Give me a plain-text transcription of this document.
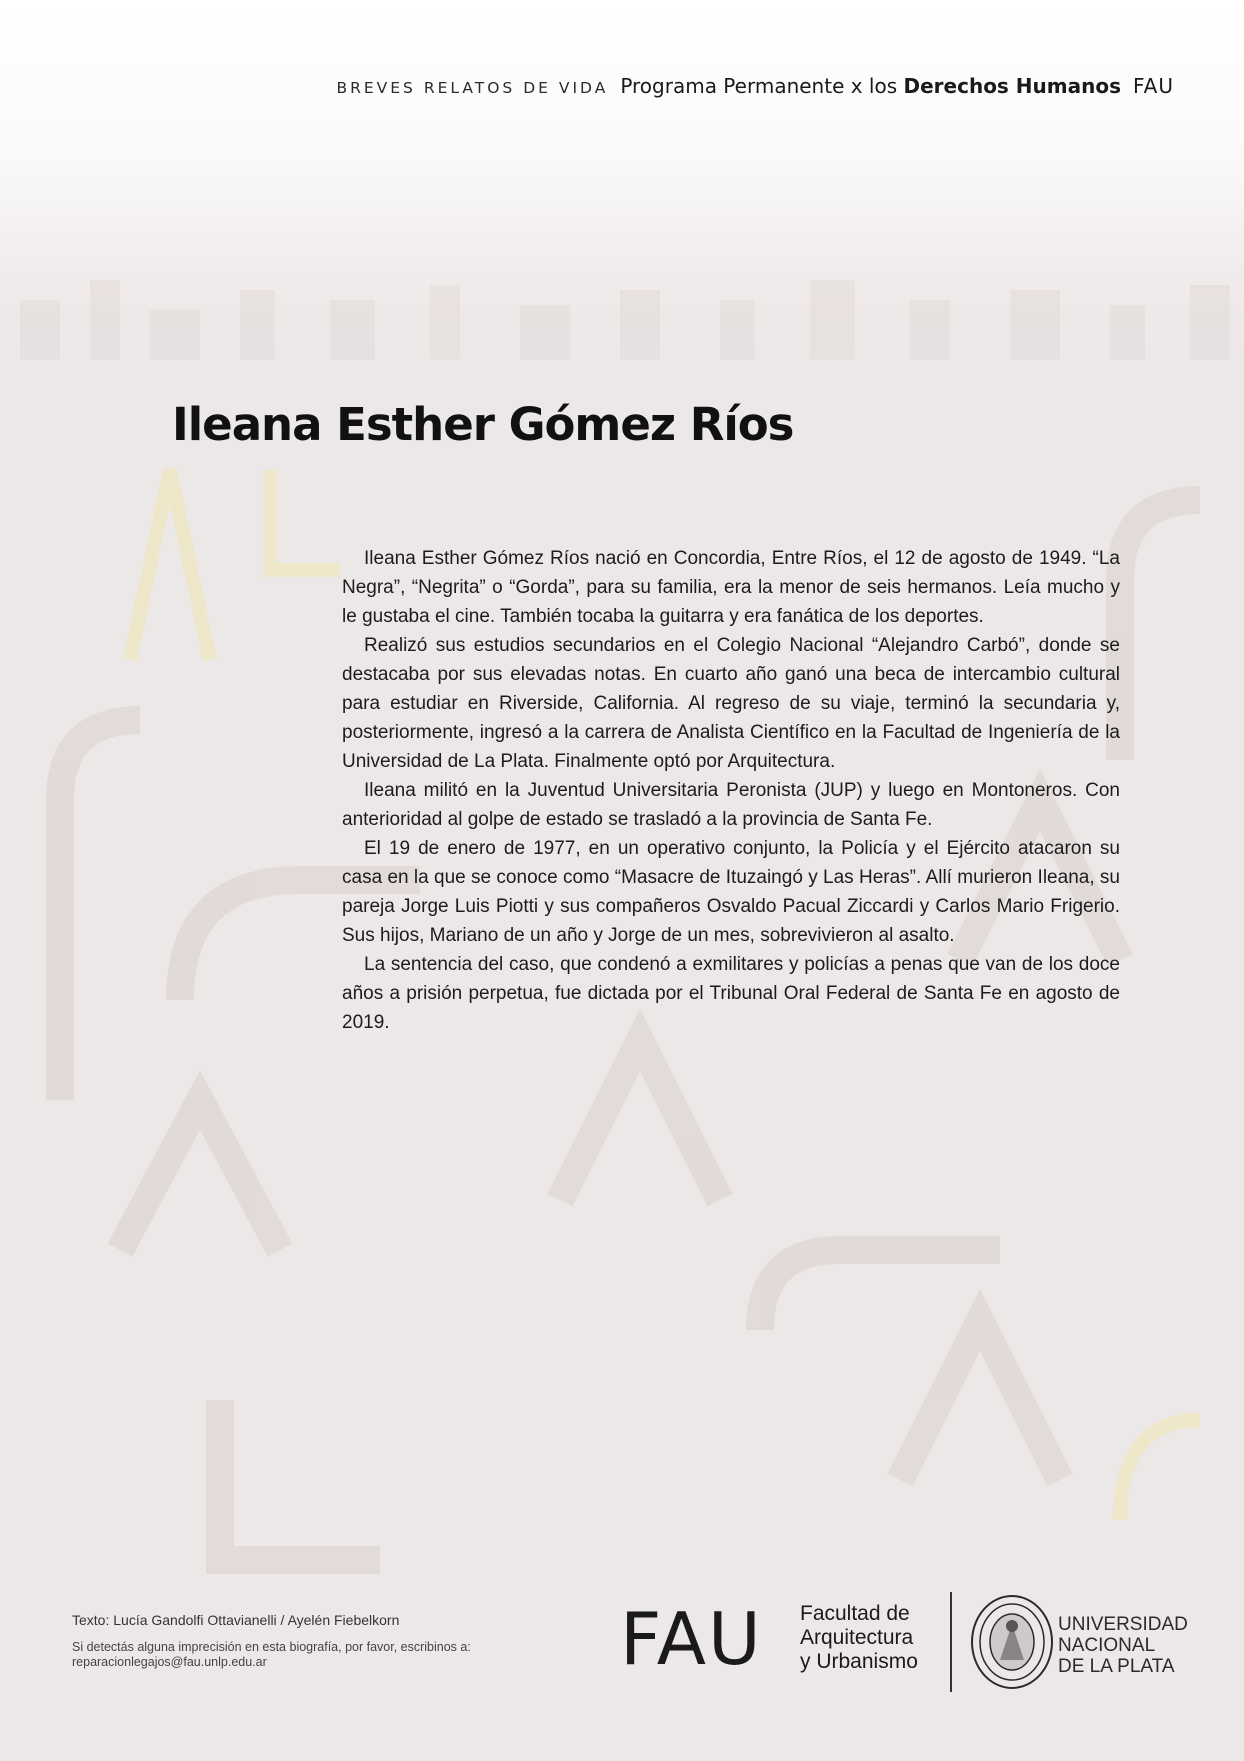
BREVES RELATOS DE VIDA Programa Permanente x los Derechos Humanos FAU
Ileana Esther Gómez Ríos

Ileana Esther Gómez Ríos nació en Concordia, Entre Ríos, el 12 de agosto de 1949. “La Negra”, “Negrita” o “Gorda”, para su familia, era la menor de seis hermanos. Leía mucho y le gustaba el cine. También tocaba la guitarra y era fanática de los deportes.

Realizó sus estudios secundarios en el Colegio Nacional “Alejandro Carbó”, donde se destacaba por sus elevadas notas. En cuarto año ganó una beca de intercambio cultural para estudiar en Riverside, California. Al regreso de su viaje, terminó la secundaria y, posteriormente, ingresó a la carrera de Analista Científico en la Facultad de Ingeniería de la Universidad de La Plata. Finalmente optó por Arquitectura.

Ileana militó en la Juventud Universitaria Peronista (JUP) y luego en Montoneros. Con anterioridad al golpe de estado se trasladó a la provincia de Santa Fe.

El 19 de enero de 1977, en un operativo conjunto, la Policía y el Ejército atacaron su casa en la que se conoce como “Masacre de Ituzaingó y Las Heras”. Allí murieron Ileana, su pareja Jorge Luis Piotti y sus compañeros Osvaldo Pacual Ziccardi y Carlos Mario Frigerio. Sus hijos, Mariano de un año y Jorge de un mes, sobrevivieron al asalto.

La sentencia del caso, que condenó a exmilitares y policías a penas que van de los doce años a prisión perpetua, fue dictada por el Tribunal Oral Federal de Santa Fe en agosto de 2019.

Texto: Lucía Gandolfi Ottavianelli / Ayelén Fiebelkorn
Si detectás alguna imprecisión en esta biografía, por favor, escribinos a: reparacionlegajos@fau.unlp.edu.ar	FAU Facultad de
Arquitectura
y Urbanismo
UNIVERSIDAD
NACIONAL
DE LA PLATA
